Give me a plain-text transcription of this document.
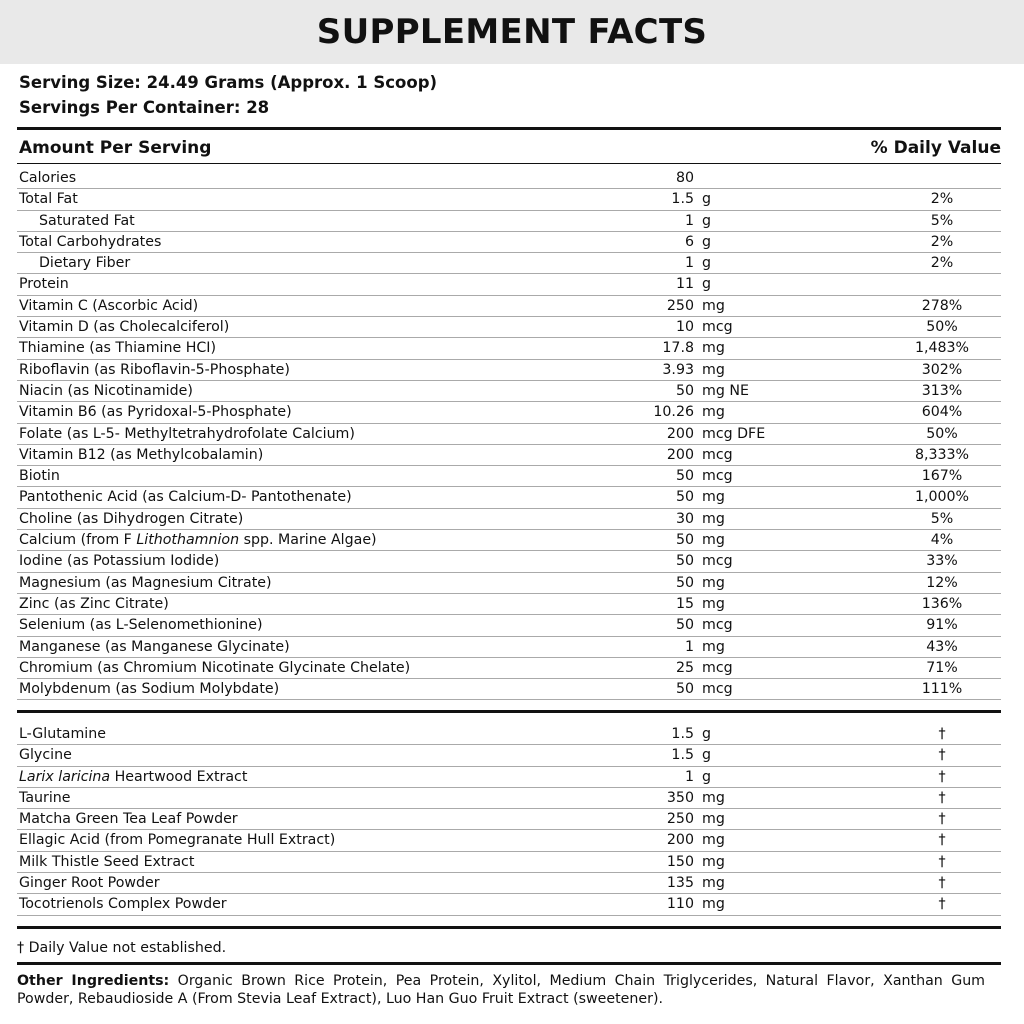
SUPPLEMENT FACTS
Serving Size: 24.49 Grams (Approx. 1 Scoop)
Servings Per Container: 28
Amount Per Serving	% Daily Value
Calories	80
Total Fat	1.5 g	2%
Saturated Fat	1 g	5%
Total Carbohydrates	6 g	2%
Dietary Fiber	1 g	2%
Protein	11 g
Vitamin C (Ascorbic Acid)	250 mg	278%
Vitamin D (as Cholecalciferol)	10 mcg	50%
Thiamine (as Thiamine HCI)	17.8 mg	1,483%
Riboflavin (as Riboflavin-5-Phosphate)	3.93 mg	302%
Niacin (as Nicotinamide)	50 mg NE	313%
Vitamin B6 (as Pyridoxal-5-Phosphate)	10.26 mg	604%
Folate (as L-5- Methyltetrahydrofolate Calcium)	200 mcg DFE	50%
Vitamin B12 (as Methylcobalamin)	200 mcg	8,333%
Biotin	50 mcg	167%
Pantothenic Acid (as Calcium-D- Pantothenate)	50 mg	1,000%
Choline (as Dihydrogen Citrate)	30 mg	5%
Calcium (from F Lithothamnion spp. Marine Algae)	50 mg	4%
Iodine (as Potassium Iodide)	50 mcg	33%
Magnesium (as Magnesium Citrate)	50 mg	12%
Zinc (as Zinc Citrate)	15 mg	136%
Selenium (as L-Selenomethionine)	50 mcg	91%
Manganese (as Manganese Glycinate)	1 mg	43%
Chromium (as Chromium Nicotinate Glycinate Chelate)	25 mcg	71%
Molybdenum (as Sodium Molybdate)	50 mcg	111%
L-Glutamine	1.5 g	†
Glycine	1.5 g	†
Larix laricina Heartwood Extract	1 g	†
Taurine	350 mg	†
Matcha Green Tea Leaf Powder	250 mg	†
Ellagic Acid (from Pomegranate Hull Extract)	200 mg	†
Milk Thistle Seed Extract	150 mg	†
Ginger Root Powder	135 mg	†
Tocotrienols Complex Powder	110 mg	†
† Daily Value not established.
Other Ingredients: Organic Brown Rice Protein, Pea Protein, Xylitol, Medium Chain Triglycerides, Natural Flavor, Xanthan Gum Powder, Rebaudioside A (From Stevia Leaf Extract), Luo Han Guo Fruit Extract (sweetener).
